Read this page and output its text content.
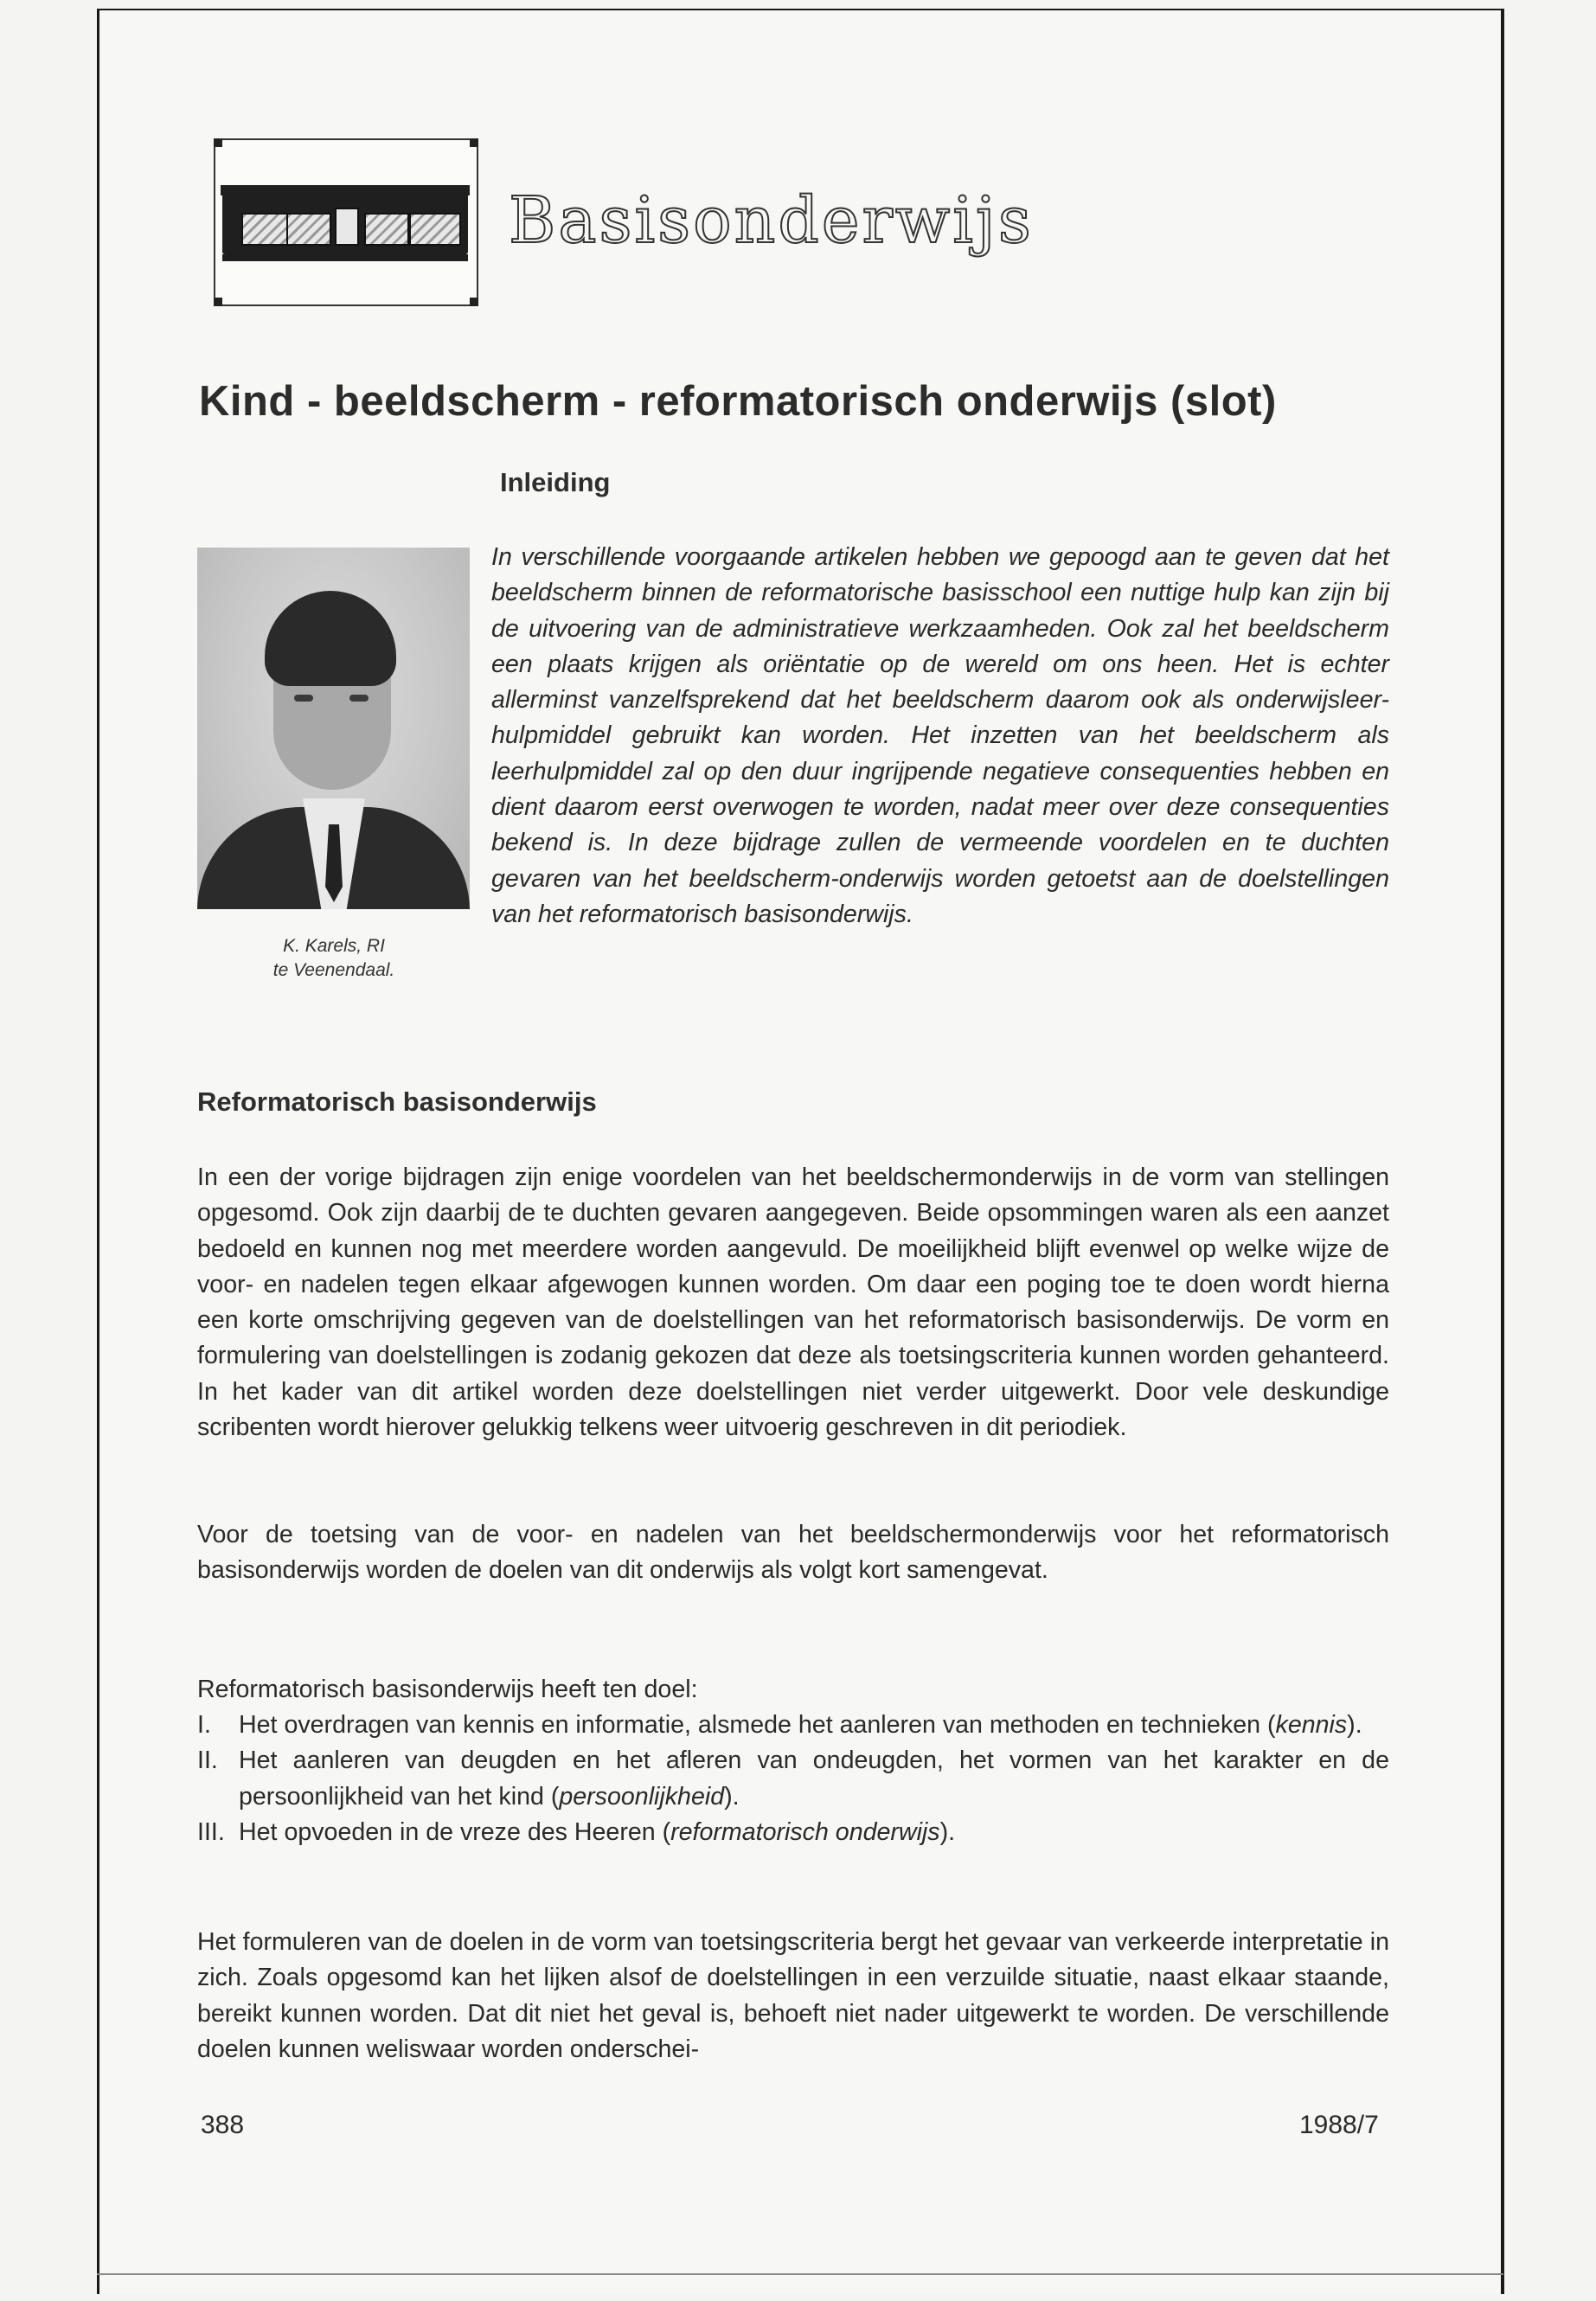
Basisonderwijs
Kind - beeldscherm - reformatorisch onderwijs (slot)
Inleiding
K. Karels, RI
te Veenendaal.
In verschillende voorgaande artikelen hebben we gepoogd aan te geven dat het beeldscherm binnen de reformatorische basisschool een nuttige hulp kan zijn bij de uitvoering van de administratieve werkzaamheden. Ook zal het beeldscherm een plaats krijgen als oriëntatie op de wereld om ons heen. Het is echter allerminst vanzelfsprekend dat het beeldscherm daarom ook als onderwijsleer-hulpmiddel gebruikt kan worden. Het inzetten van het beeldscherm als leerhulpmiddel zal op den duur ingrijpende negatieve consequenties hebben en dient daarom eerst overwogen te worden, nadat meer over deze consequenties bekend is. In deze bijdrage zullen de vermeende voordelen en te duchten gevaren van het beeldscherm-onderwijs worden getoetst aan de doelstellingen van het reformatorisch basisonderwijs.
Reformatorisch basisonderwijs
In een der vorige bijdragen zijn enige voordelen van het beeldschermonderwijs in de vorm van stellingen opgesomd. Ook zijn daarbij de te duchten gevaren aangegeven. Beide opsommingen waren als een aanzet bedoeld en kunnen nog met meerdere worden aangevuld. De moeilijkheid blijft evenwel op welke wijze de voor- en nadelen tegen elkaar afgewogen kunnen worden. Om daar een poging toe te doen wordt hierna een korte omschrijving gegeven van de doelstellingen van het reformatorisch basisonderwijs. De vorm en formulering van doelstellingen is zodanig gekozen dat deze als toetsingscriteria kunnen worden gehanteerd. In het kader van dit artikel worden deze doelstellingen niet verder uitgewerkt. Door vele deskundige scribenten wordt hierover gelukkig telkens weer uitvoerig geschreven in dit periodiek.
Voor de toetsing van de voor- en nadelen van het beeldschermonderwijs voor het reformatorisch basisonderwijs worden de doelen van dit onderwijs als volgt kort samengevat.
Reformatorisch basisonderwijs heeft ten doel:
I. Het overdragen van kennis en informatie, alsmede het aanleren van methoden en technieken (kennis).
II. Het aanleren van deugden en het afleren van ondeugden, het vormen van het karakter en de persoonlijkheid van het kind (persoonlijkheid).
III. Het opvoeden in de vreze des Heeren (reformatorisch onderwijs).
Het formuleren van de doelen in de vorm van toetsingscriteria bergt het gevaar van verkeerde interpretatie in zich. Zoals opgesomd kan het lijken alsof de doelstellingen in een verzuilde situatie, naast elkaar staande, bereikt kunnen worden. Dat dit niet het geval is, behoeft niet nader uitgewerkt te worden. De verschillende doelen kunnen weliswaar worden onderschei-
388	1988/7
